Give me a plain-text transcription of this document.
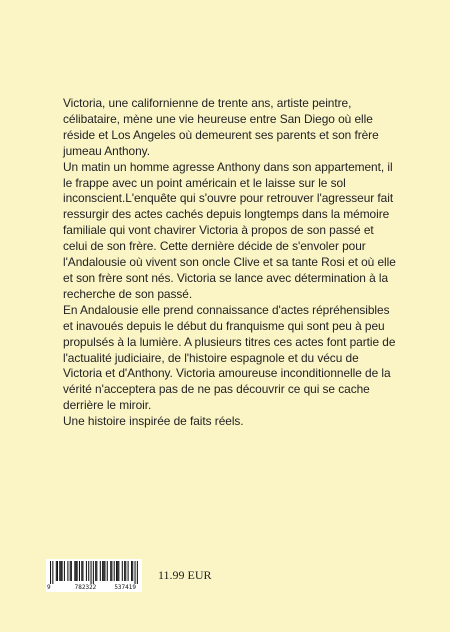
Victoria, une californienne de trente ans, artiste peintre, célibataire, mène une vie heureuse entre San Diego où elle réside et Los Angeles où demeurent ses parents et son frère jumeau Anthony.

Un matin un homme agresse Anthony dans son appartement, il le frappe avec un point américain et le laisse sur le sol inconscient.L'enquête qui s'ouvre pour retrouver l'agresseur fait ressurgir des actes cachés depuis longtemps dans la mémoire familiale qui vont chavirer Victoria à propos de son passé et celui de son frère. Cette dernière décide de s'envoler pour l'Andalousie où vivent son oncle Clive et sa tante Rosi et où elle et son frère sont nés. Victoria se lance avec détermination à la recherche de son passé.

En Andalousie elle prend connaissance d'actes répréhensibles et inavoués depuis le début du franquisme qui sont peu à peu propulsés à la lumière. A plusieurs titres ces actes font partie de l'actualité judiciaire, de l'histoire espagnole et du vécu de Victoria et d'Anthony. Victoria amoureuse inconditionnelle de la vérité n'acceptera pas de ne pas découvrir ce qui se cache derrière le miroir.

Une histoire inspirée de faits réels.

9	782322	537419
11.99 EUR
